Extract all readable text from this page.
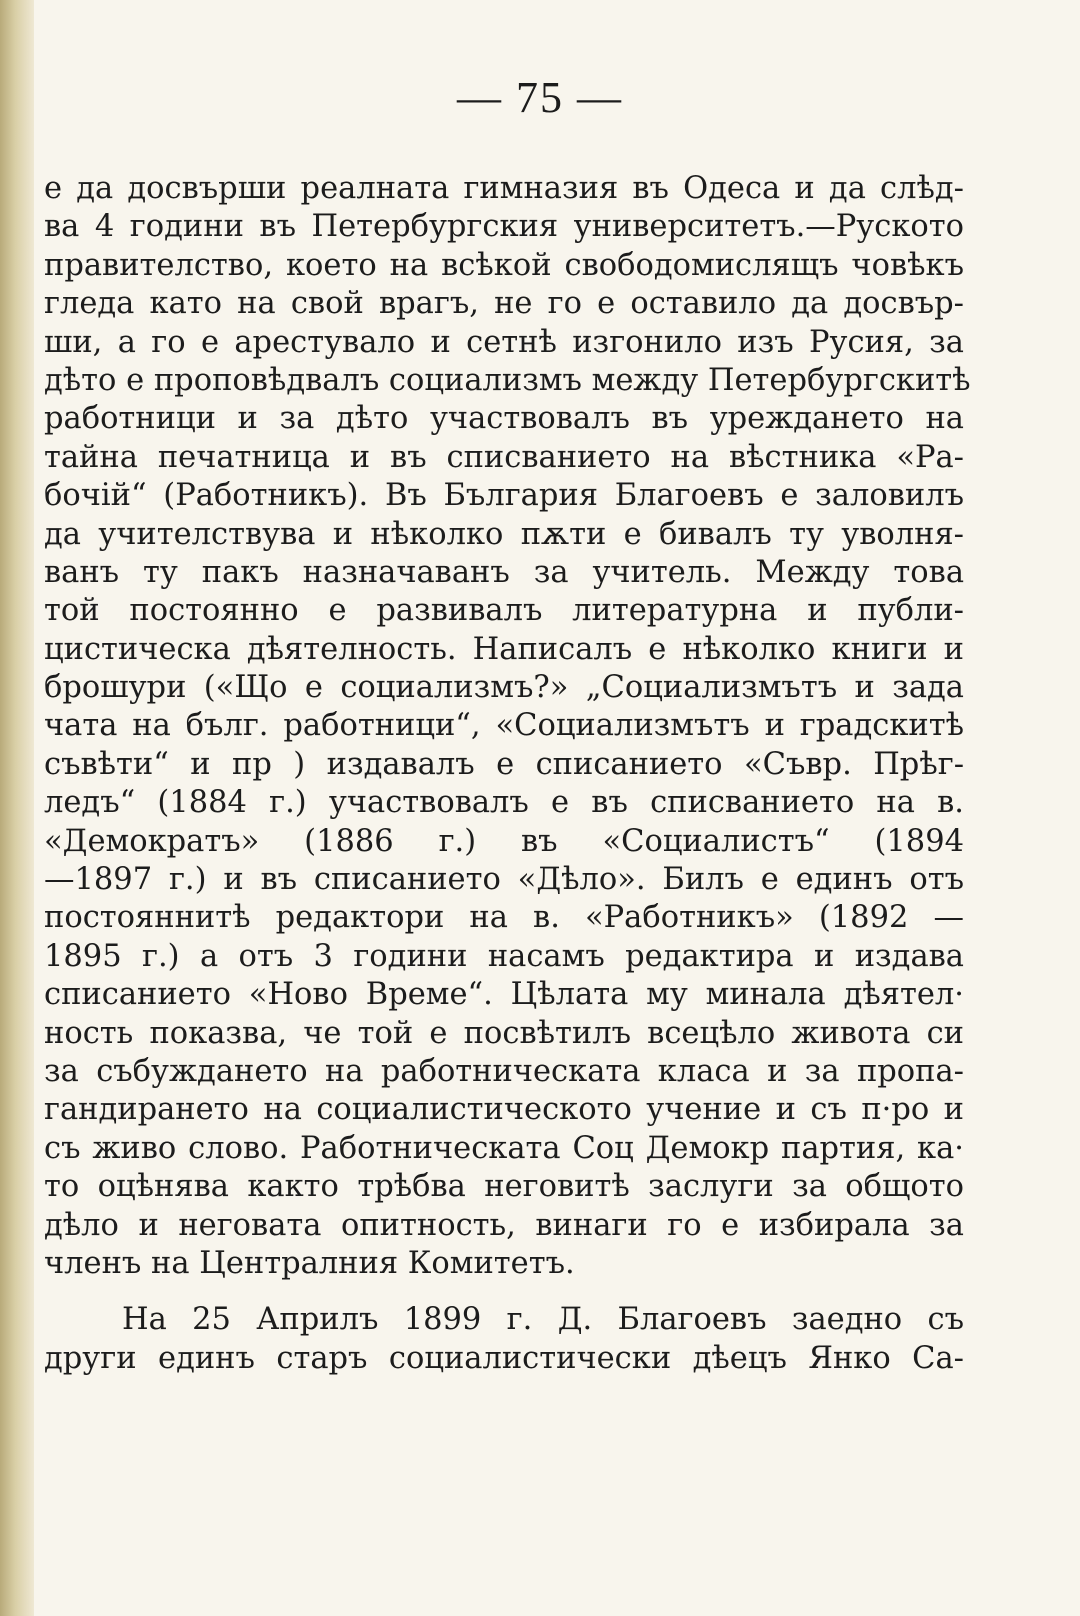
— 75 —
е да досвърши реалната гимназия въ Одеса и да слѣд-
ва 4 години въ Петербургския университетъ.—Руското
правителство, което на всѣкой свободомислящъ човѣкъ
гледа като на свой врагъ, не го е оставило да досвър-
ши, а го е арестувало и сетнѣ изгонило изъ Русия, за
дѣто е проповѣдвалъ социализмъ между Петербургскитѣ
работници и за дѣто участвовалъ въ уреждането на
тайна печатница и въ списванието на вѣстника «Ра-
бочій“ (Работникъ). Въ България Благоевъ е заловилъ
да учителствува и нѣколко пѫти е бивалъ ту уволня-
ванъ ту пакъ назначаванъ за учитель. Между това
той постоянно е развивалъ литературна и публи-
цистическа дѣятелность. Написалъ е нѣколко книги и
брошури («Що е социализмъ?» „Социализмътъ и зада
чата на бълг. работници“, «Социализмътъ и градскитѣ
съвѣти“ и пр ) издавалъ е списанието «Съвр. Прѣг-
ледъ“ (1884 г.) участвовалъ е въ списванието на в.
«Демократъ» (1886 г.) въ «Социалистъ“ (1894
—1897 г.) и въ списанието «Дѣло». Билъ е единъ отъ
постояннитѣ редактори на в. «Работникъ» (1892 —
1895 г.) а отъ 3 години насамъ редактира и издава
списанието «Ново Време“. Цѣлата му минала дѣятел·
ность показва, че той е посвѣтилъ всецѣло живота си
за събуждането на работническата класа и за пропа-
гандирането на социалистическото учение и съ п·ро и
съ живо слово. Работническата Соц Демокр партия, ка·
то оцѣнява както трѣбва неговитѣ заслуги за общото
дѣло и неговата опитность, винаги го е избирала за
членъ на Централния Комитетъ.
На 25 Априлъ 1899 г. Д. Благоевъ заедно съ
други единъ старъ социалистически дѣецъ Янко Са-
